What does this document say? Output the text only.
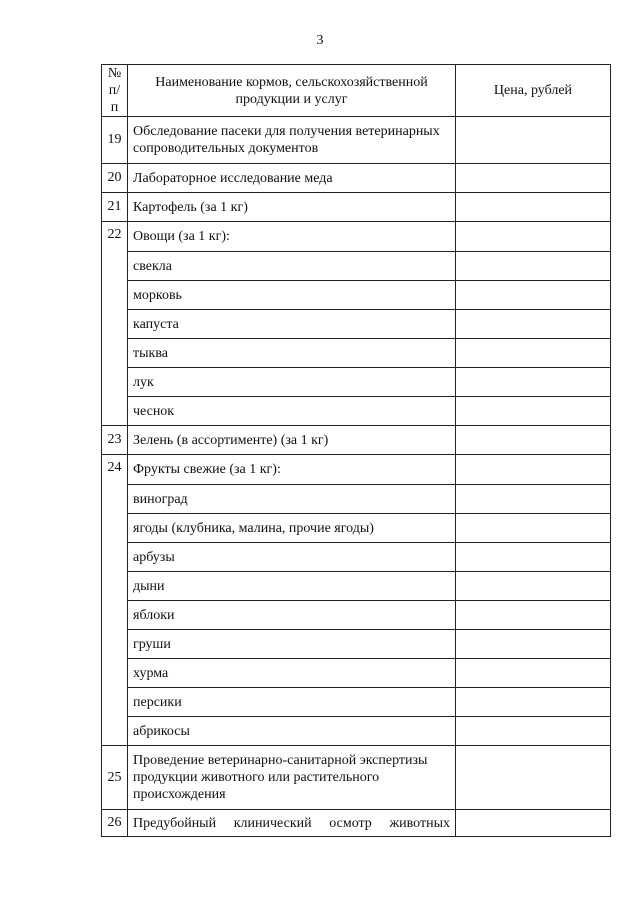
3
№ п/п	Наименование кормов, сельскохозяйственной продукции и услуг	Цена, рублей
19	Обследование пасеки для получения ветеринарных сопроводительных документов	
20	Лабораторное исследование меда	
21	Картофель (за 1 кг)	
22	Овощи (за 1 кг):	
	свекла	
	морковь	
	капуста	
	тыква	
	лук	
	чеснок	
23	Зелень (в ассортименте) (за 1 кг)	
24	Фрукты свежие (за 1 кг):	
	виноград	
	ягоды (клубника, малина, прочие ягоды)	
	арбузы	
	дыни	
	яблоки	
	груши	
	хурма	
	персики	
	абрикосы	
25	Проведение ветеринарно-санитарной экспертизы продукции животного или растительного происхождения	
26	Предубойный клинический осмотр животных	
